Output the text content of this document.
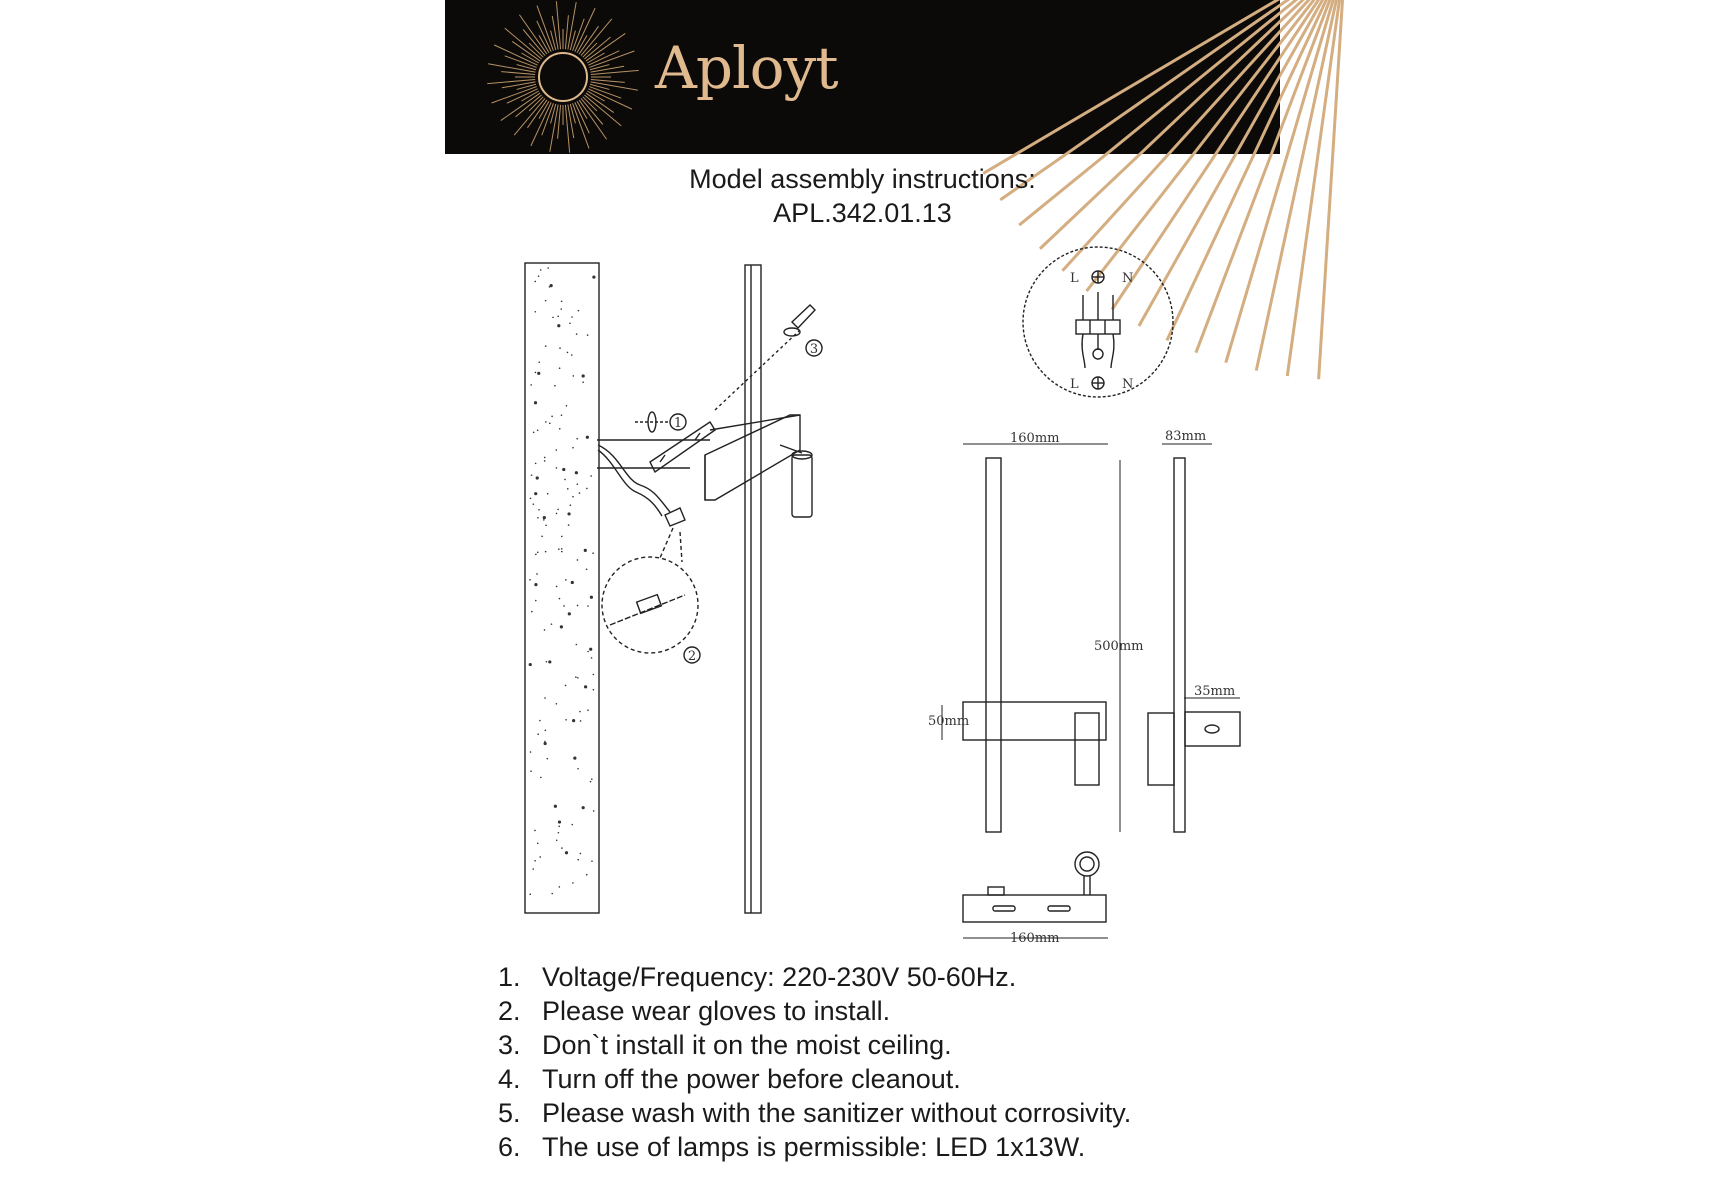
Aployt
Model assembly instructions:
APL.342.01.13
1
2
3
L	N
L	N
160mm
500mm
50mm
83mm
35mm
160mm
1. Voltage/Frequency: 220-230V 50-60Hz.
2. Please wear gloves to install.
3. Don`t install it on the moist ceiling.
4. Turn off the power before cleanout.
5. Please wash with the sanitizer without corrosivity.
6. The use of lamps is permissible: LED 1x13W.
